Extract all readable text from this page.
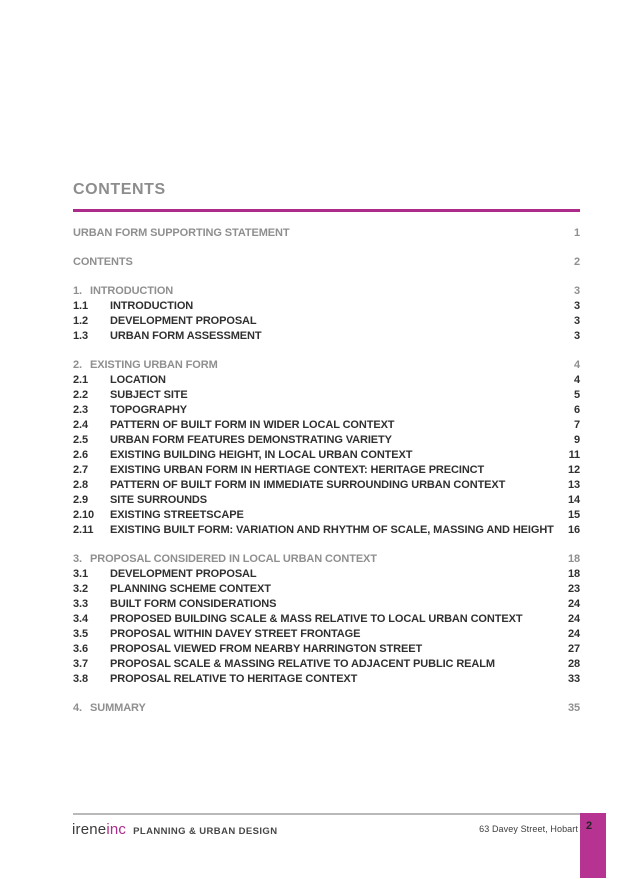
CONTENTS
URBAN FORM SUPPORTING STATEMENT	1
CONTENTS	2
1. INTRODUCTION	3
1.1	INTRODUCTION	3
1.2	DEVELOPMENT PROPOSAL	3
1.3	URBAN FORM ASSESSMENT	3
2. EXISTING URBAN FORM	4
2.1	LOCATION	4
2.2	SUBJECT SITE	5
2.3	TOPOGRAPHY	6
2.4	PATTERN OF BUILT FORM IN WIDER LOCAL CONTEXT	7
2.5	URBAN FORM FEATURES DEMONSTRATING VARIETY	9
2.6	EXISTING BUILDING HEIGHT, IN LOCAL URBAN CONTEXT	11
2.7	EXISTING URBAN FORM IN HERTIAGE CONTEXT: HERITAGE PRECINCT	12
2.8	PATTERN OF BUILT FORM IN IMMEDIATE SURROUNDING URBAN CONTEXT	13
2.9	SITE SURROUNDS	14
2.10	EXISTING STREETSCAPE	15
2.11	EXISTING BUILT FORM: VARIATION AND RHYTHM OF SCALE, MASSING AND HEIGHT	16
3. PROPOSAL CONSIDERED IN LOCAL URBAN CONTEXT	18
3.1	DEVELOPMENT PROPOSAL	18
3.2	PLANNING SCHEME CONTEXT	23
3.3	BUILT FORM CONSIDERATIONS	24
3.4	PROPOSED BUILDING SCALE & MASS RELATIVE TO LOCAL URBAN CONTEXT	24
3.5	PROPOSAL WITHIN DAVEY STREET FRONTAGE	24
3.6	PROPOSAL VIEWED FROM NEARBY HARRINGTON STREET	27
3.7	PROPOSAL SCALE & MASSING RELATIVE TO ADJACENT PUBLIC REALM	28
3.8	PROPOSAL RELATIVE TO HERITAGE CONTEXT	33
4. SUMMARY	35
ireneinc PLANNING & URBAN DESIGN	63 Davey Street, Hobart 2
